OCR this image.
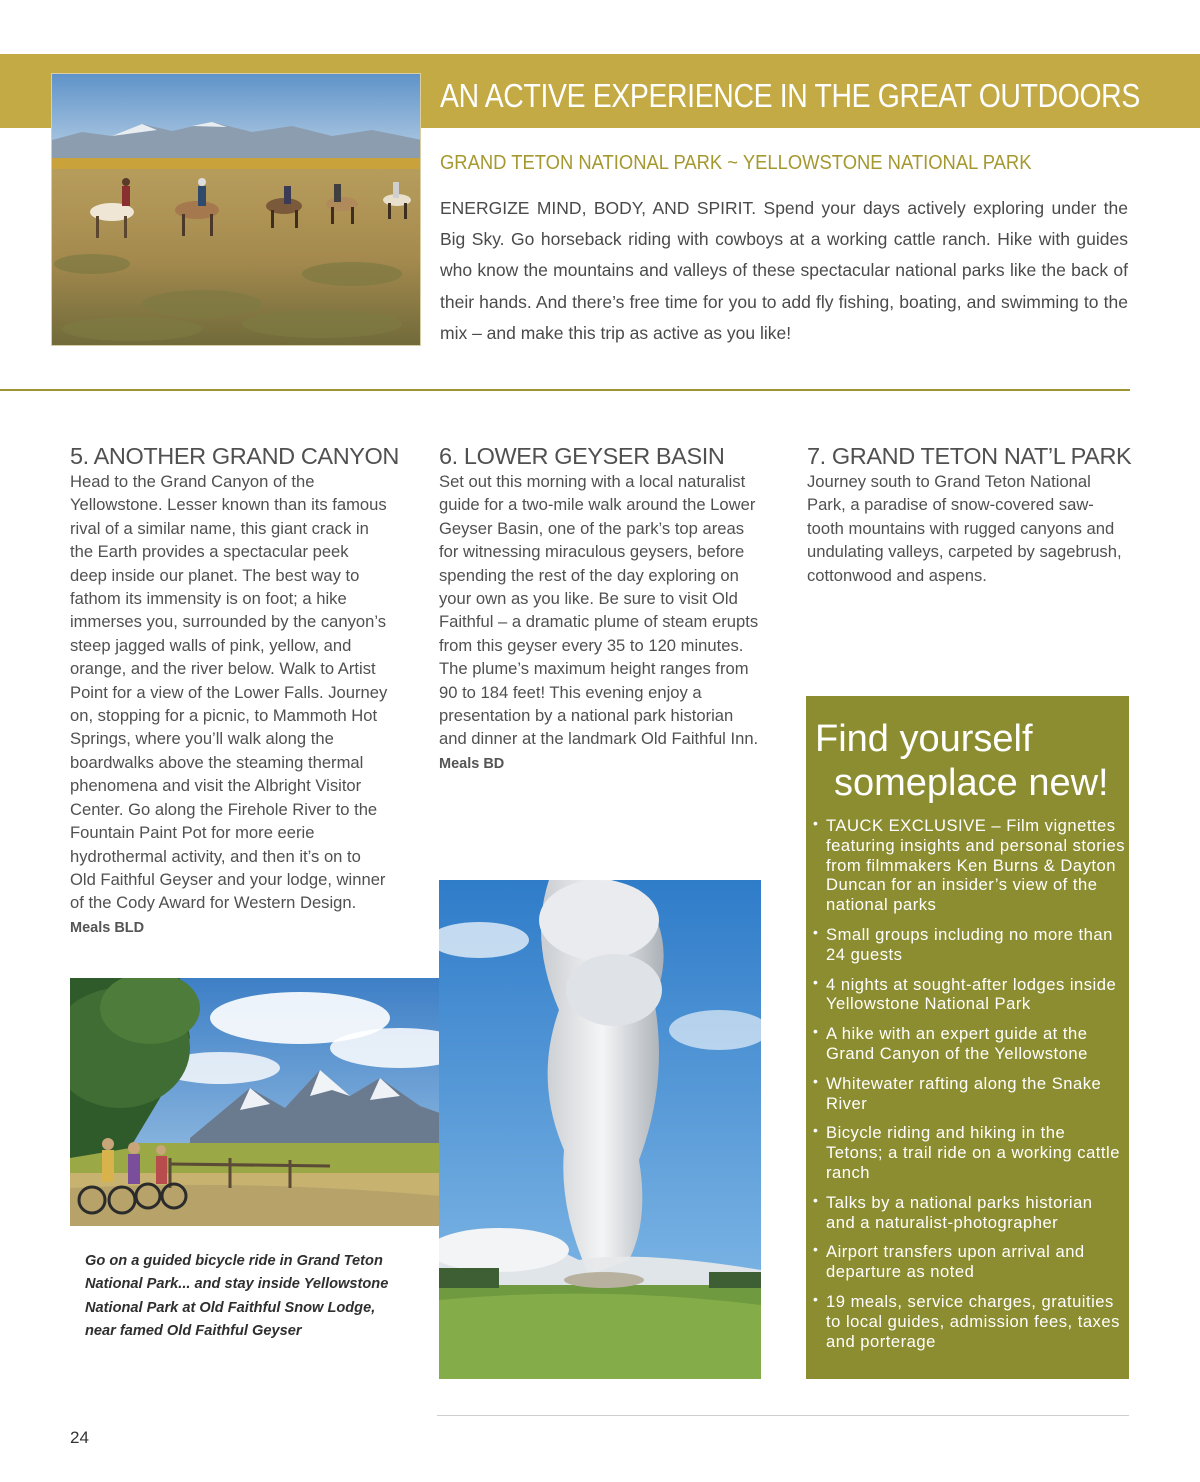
AN ACTIVE EXPERIENCE IN THE GREAT OUTDOORS
GRAND TETON NATIONAL PARK ~ YELLOWSTONE NATIONAL PARK

ENERGIZE MIND, BODY, AND SPIRIT. Spend your days actively exploring under the Big Sky. Go horseback riding with cowboys at a working cattle ranch. Hike with guides who know the mountains and valleys of these spectacular national parks like the back of their hands. And there’s free time for you to add fly fishing, boating, and swimming to the mix – and make this trip as active as you like!

5. ANOTHER GRAND CANYON

Head to the Grand Canyon of the Yellowstone. Lesser known than its famous rival of a similar name, this giant crack in the Earth provides a spectacular peek deep inside our planet. The best way to fathom its immensity is on foot; a hike immerses you, surrounded by the canyon’s steep jagged walls of pink, yellow, and orange, and the river below. Walk to Artist Point for a view of the Lower Falls. Journey on, stopping for a picnic, to Mammoth Hot Springs, where you’ll walk along the boardwalks above the steaming thermal phenomena and visit the Albright Visitor Center. Go along the Firehole River to the Fountain Paint Pot for more eerie hydrothermal activity, and then it’s on to Old Faithful Geyser and your lodge, winner of the Cody Award for Western Design. Meals BLD

6. LOWER GEYSER BASIN

Set out this morning with a local naturalist guide for a two-mile walk around the Lower Geyser Basin, one of the park’s top areas for witnessing miraculous geysers, before spending the rest of the day exploring on your own as you like. Be sure to visit Old Faithful – a dramatic plume of steam erupts from this geyser every 35 to 120 minutes. The plume’s maximum height ranges from 90 to 184 feet! This evening enjoy a presentation by a national park historian and dinner at the landmark Old Faithful Inn. Meals BD

7. GRAND TETON NAT’L PARK

Journey south to Grand Teton National Park, a paradise of snow-covered saw-tooth mountains with rugged canyons and undulating valleys, carpeted by sagebrush, cottonwood and aspens.

Go on a guided bicycle ride in Grand Teton National Park... and stay inside Yellowstone National Park at Old Faithful Snow Lodge, near famed Old Faithful Geyser

Find yourself
someplace new!
• TAUCK EXCLUSIVE – Film vignettes featuring insights and personal stories from filmmakers Ken Burns & Dayton Duncan for an insider’s view of the national parks
• Small groups including no more than 24 guests
• 4 nights at sought-after lodges inside Yellowstone National Park
• A hike with an expert guide at the Grand Canyon of the Yellowstone
• Whitewater rafting along the Snake River
• Bicycle riding and hiking in the Tetons; a trail ride on a working cattle ranch
• Talks by a national parks historian and a naturalist-photographer
• Airport transfers upon arrival and departure as noted
• 19 meals, service charges, gratuities to local guides, admission fees, taxes and porterage
24
